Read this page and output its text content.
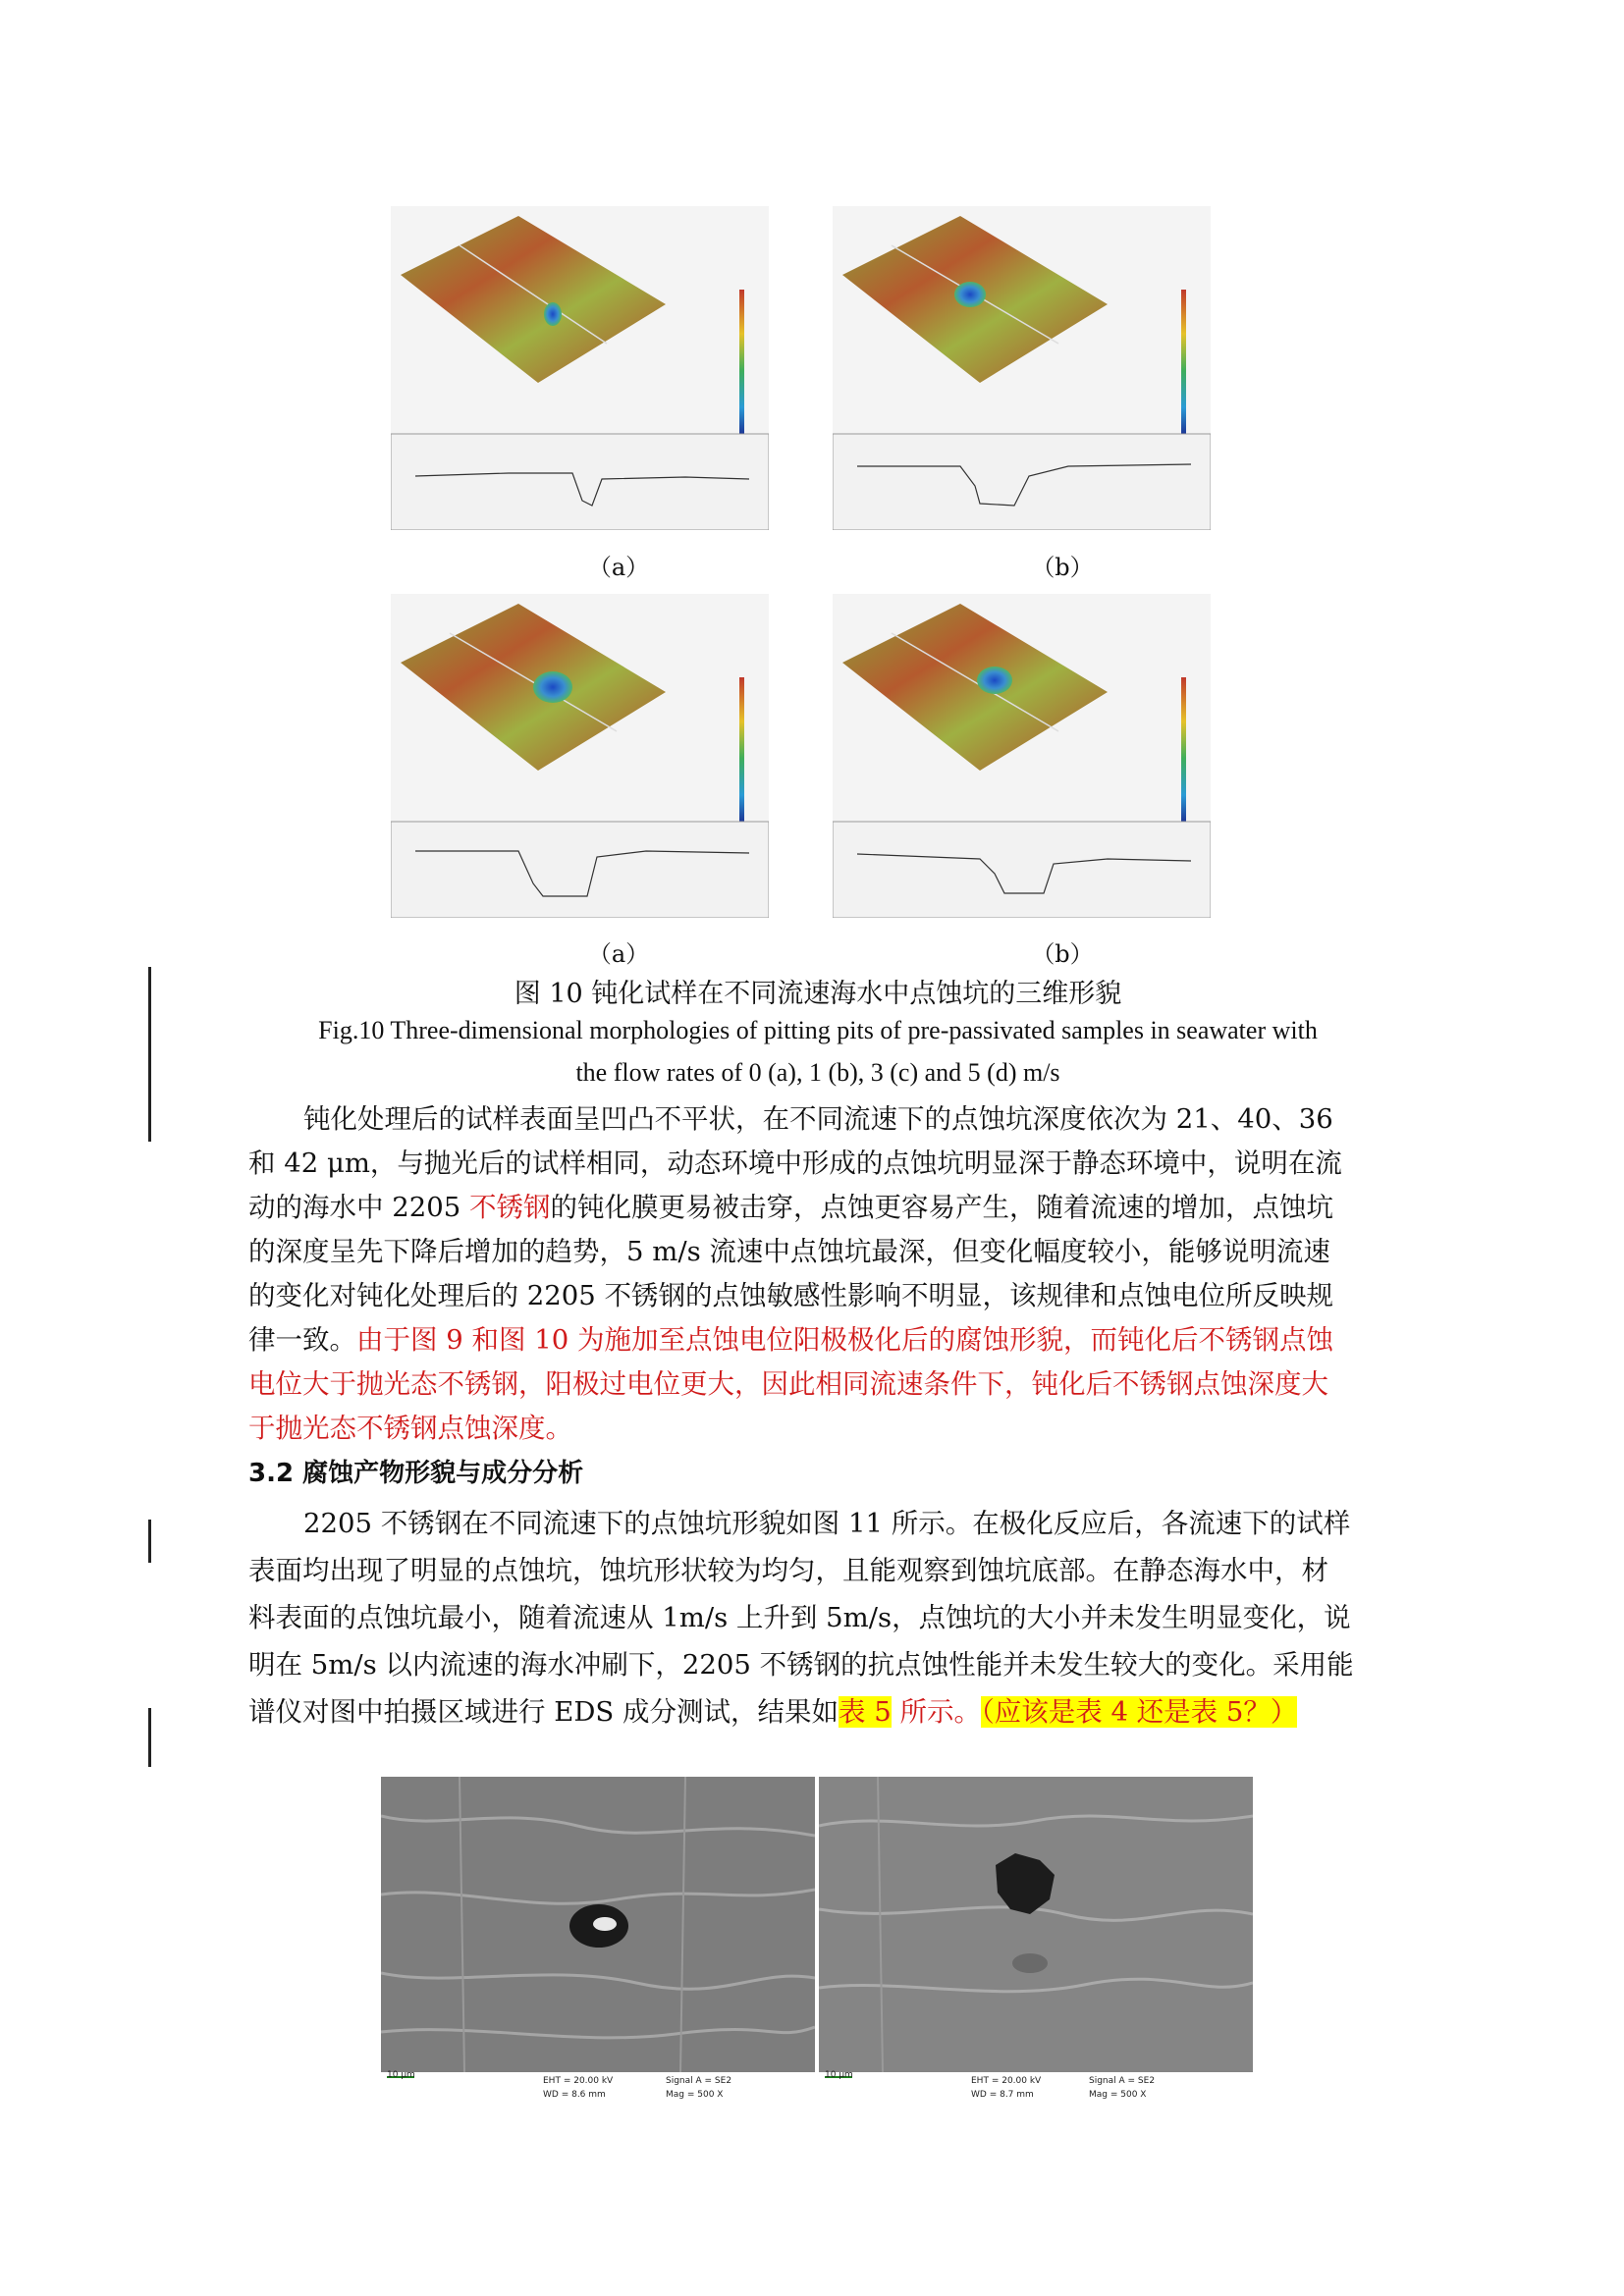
（a）	（b）
（a）	（b）
图 10 钝化试样在不同流速海水中点蚀坑的三维形貌
Fig.10 Three-dimensional morphologies of pitting pits of pre-passivated samples in seawater with
the flow rates of 0 (a), 1 (b), 3 (c) and 5 (d) m/s

钝化处理后的试样表面呈凹凸不平状，在不同流速下的点蚀坑深度依次为 21、40、36

和 42 μm，与抛光后的试样相同，动态环境中形成的点蚀坑明显深于静态环境中，说明在流

动的海水中 2205 不锈钢的钝化膜更易被击穿，点蚀更容易产生，随着流速的增加，点蚀坑

的深度呈先下降后增加的趋势，5 m/s 流速中点蚀坑最深，但变化幅度较小，能够说明流速

的变化对钝化处理后的 2205 不锈钢的点蚀敏感性影响不明显，该规律和点蚀电位所反映规

律一致。由于图 9 和图 10 为施加至点蚀电位阳极极化后的腐蚀形貌，而钝化后不锈钢点蚀

电位大于抛光态不锈钢，阳极过电位更大，因此相同流速条件下，钝化后不锈钢点蚀深度大

于抛光态不锈钢点蚀深度。

3.2 腐蚀产物形貌与成分分析

2205 不锈钢在不同流速下的点蚀坑形貌如图 11 所示。在极化反应后，各流速下的试样

表面均出现了明显的点蚀坑，蚀坑形状较为均匀，且能观察到蚀坑底部。在静态海水中，材

料表面的点蚀坑最小，随着流速从 1m/s 上升到 5m/s，点蚀坑的大小并未发生明显变化，说

明在 5m/s 以内流速的海水冲刷下，2205 不锈钢的抗点蚀性能并未发生较大的变化。采用能

谱仪对图中拍摄区域进行 EDS 成分测试，结果如表 5 所示。（应该是表 4 还是表 5？）

10 μm
EHT = 20.00 kV
WD = 8.6 mm
Signal A = SE2
Mag = 500 X
10 μm
EHT = 20.00 kV
WD = 8.7 mm
Signal A = SE2
Mag = 500 X
